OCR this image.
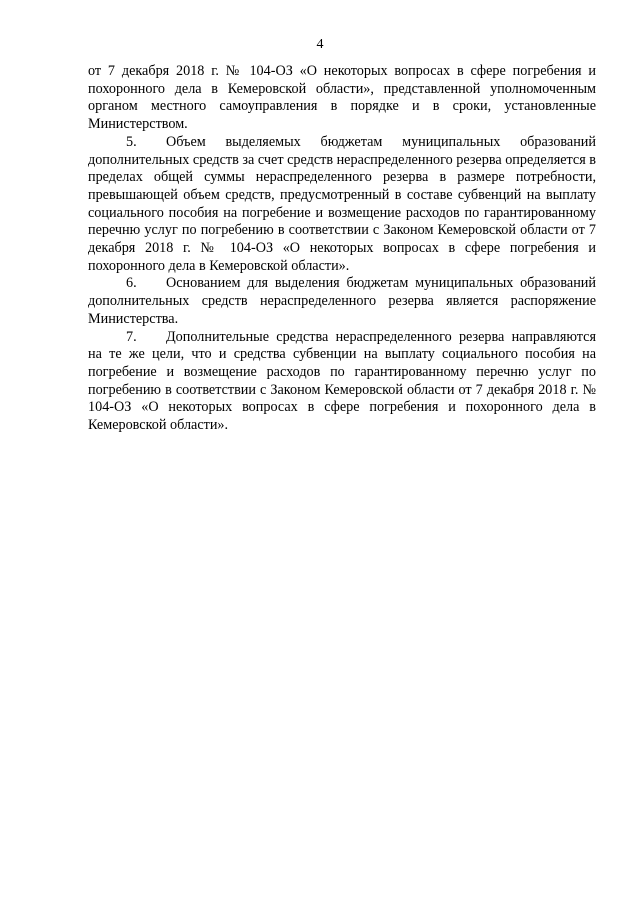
4

от 7 декабря 2018 г. № 104-ОЗ «О некоторых вопросах в сфере погребения и похоронного дела в Кемеровской области», представленной уполномоченным органом местного самоуправления в порядке и в сроки, установленные Министерством.

5. Объем выделяемых бюджетам муниципальных образований дополнительных средств за счет средств нераспределенного резерва определяется в пределах общей суммы нераспределенного резерва в размере потребности, превышающей объем средств, предусмотренный в составе субвенций на выплату социального пособия на погребение и возмещение расходов по гарантированному перечню услуг по погребению в соответствии с Законом Кемеровской области от 7 декабря 2018 г. № 104-ОЗ «О некоторых вопросах в сфере погребения и похоронного дела в Кемеровской области».

6. Основанием для выделения бюджетам муниципальных образований дополнительных средств нераспределенного резерва является распоряжение Министерства.

7. Дополнительные средства нераспределенного резерва направляются на те же цели, что и средства субвенции на выплату социального пособия на погребение и возмещение расходов по гарантированному перечню услуг по погребению в соответствии с Законом Кемеровской области от 7 декабря 2018 г. № 104-ОЗ «О некоторых вопросах в сфере погребения и похоронного дела в Кемеровской области».
